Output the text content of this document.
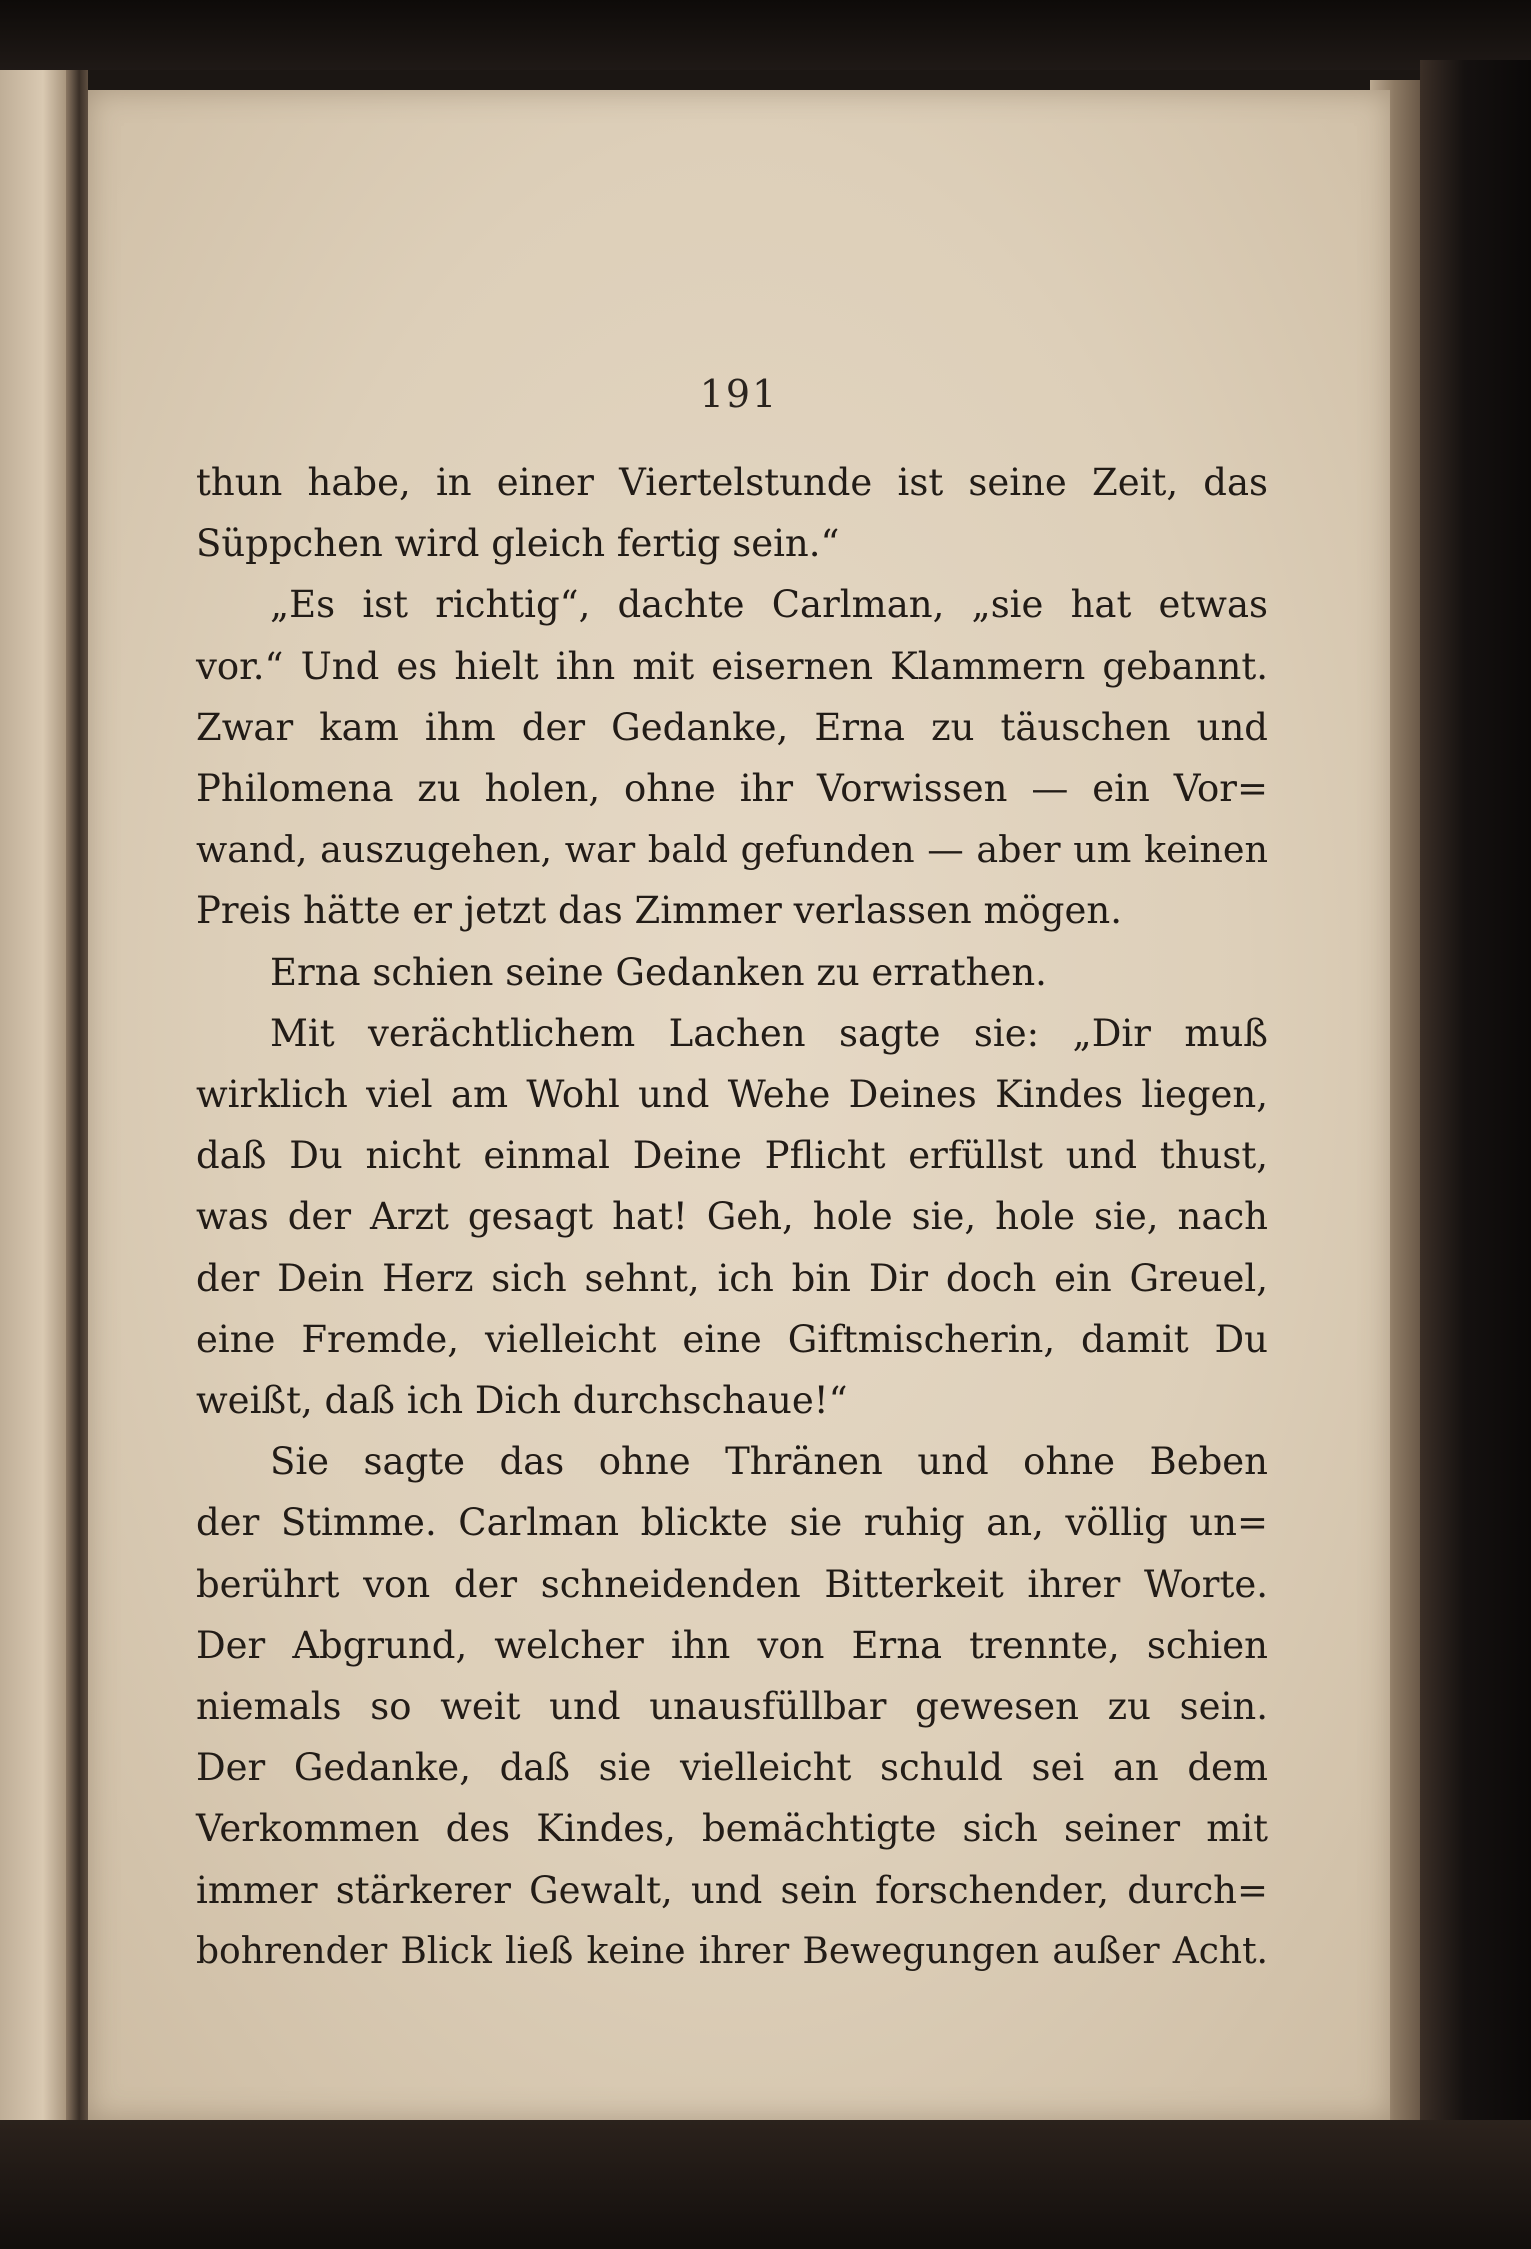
191
thun habe, in einer Viertelstunde ist seine Zeit, das
Süppchen wird gleich fertig sein.“
„Es ist richtig“, dachte Carlman, „sie hat etwas
vor.“ Und es hielt ihn mit eisernen Klammern gebannt.
Zwar kam ihm der Gedanke, Erna zu täuschen und
Philomena zu holen, ohne ihr Vorwissen — ein Vor=
wand, auszugehen, war bald gefunden — aber um keinen
Preis hätte er jetzt das Zimmer verlassen mögen.
Erna schien seine Gedanken zu errathen.
Mit verächtlichem Lachen sagte sie: „Dir muß
wirklich viel am Wohl und Wehe Deines Kindes liegen,
daß Du nicht einmal Deine Pflicht erfüllst und thust,
was der Arzt gesagt hat! Geh, hole sie, hole sie, nach
der Dein Herz sich sehnt, ich bin Dir doch ein Greuel,
eine Fremde, vielleicht eine Giftmischerin, damit Du
weißt, daß ich Dich durchschaue!“
Sie sagte das ohne Thränen und ohne Beben
der Stimme. Carlman blickte sie ruhig an, völlig un=
berührt von der schneidenden Bitterkeit ihrer Worte.
Der Abgrund, welcher ihn von Erna trennte, schien
niemals so weit und unausfüllbar gewesen zu sein.
Der Gedanke, daß sie vielleicht schuld sei an dem
Verkommen des Kindes, bemächtigte sich seiner mit
immer stärkerer Gewalt, und sein forschender, durch=
bohrender Blick ließ keine ihrer Bewegungen außer Acht.
